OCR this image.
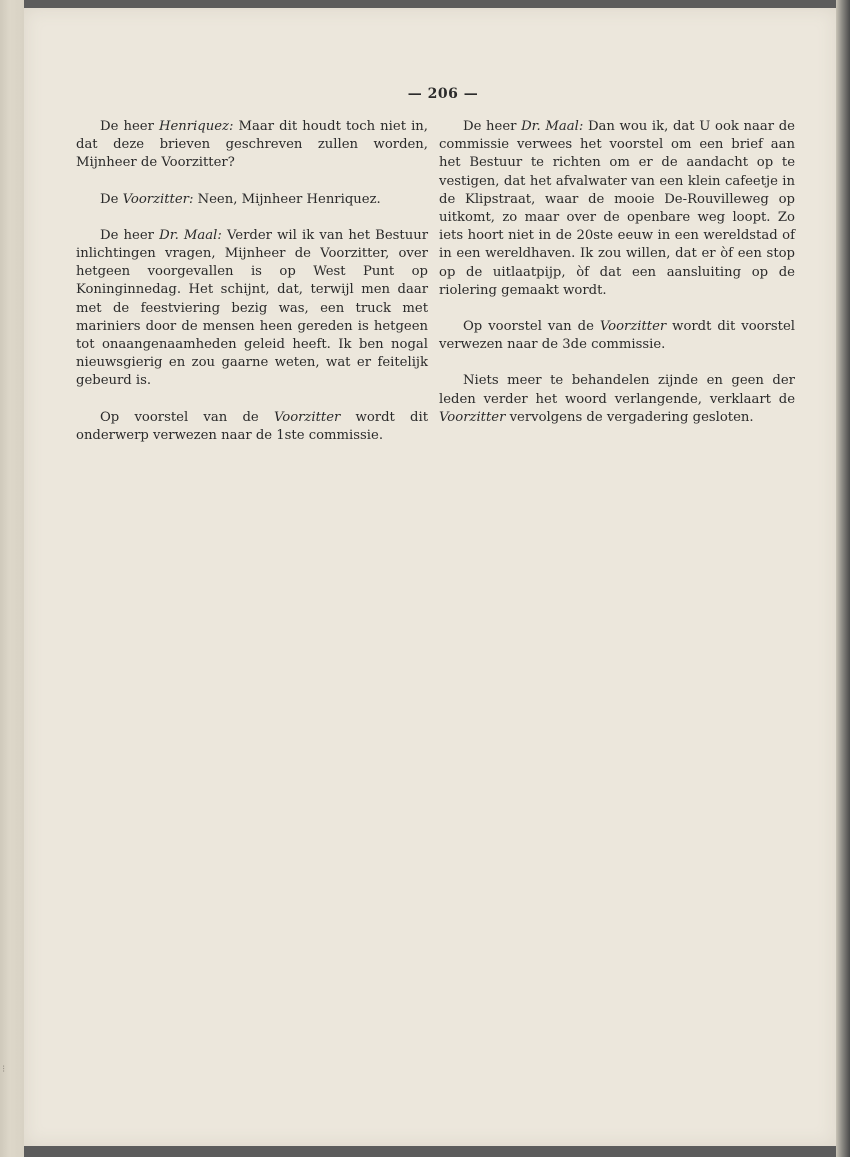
— 206 —

De heer Henriquez: Maar dit houdt toch niet in, dat deze brieven geschreven zullen worden, Mijnheer de Voorzitter?

De Voorzitter: Neen, Mijnheer Henriquez.

De heer Dr. Maal: Verder wil ik van het Bestuur inlichtingen vragen, Mijnheer de Voorzitter, over hetgeen voorgevallen is op West Punt op Koninginnedag. Het schijnt, dat, terwijl men daar met de feestviering bezig was, een truck met mariniers door de mensen heen gereden is hetgeen tot onaangenaamheden geleid heeft. Ik ben nogal nieuwsgierig en zou gaarne weten, wat er feitelijk gebeurd is.

Op voorstel van de Voorzitter wordt dit onderwerp verwezen naar de 1ste commissie.

De heer Dr. Maal: Dan wou ik, dat U ook naar de commissie verwees het voorstel om een brief aan het Bestuur te richten om er de aandacht op te vestigen, dat het afvalwater van een klein cafeetje in de Klipstraat, waar de mooie De-Rouvilleweg op uitkomt, zo maar over de openbare weg loopt. Zo iets hoort niet in de 20ste eeuw in een wereldstad of in een wereldhaven. Ik zou willen, dat er òf een stop op de uitlaatpijp, òf dat een aansluiting op de riolering gemaakt wordt.

Op voorstel van de Voorzitter wordt dit voorstel verwezen naar de 3de commissie.

Niets meer te behandelen zijnde en geen der leden verder het woord verlangende, verklaart de Voorzitter vervolgens de vergadering gesloten.

⁝
